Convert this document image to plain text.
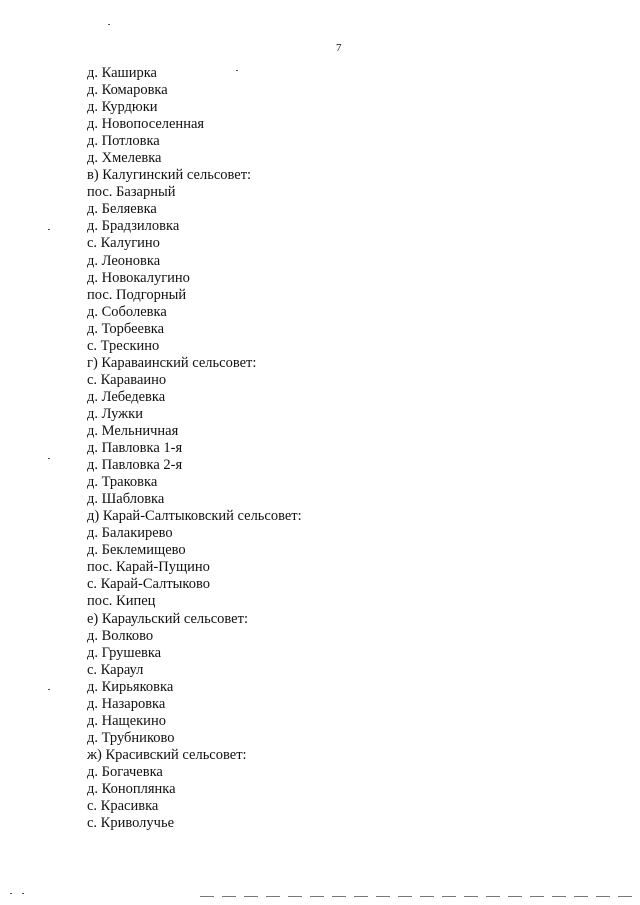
7
д. Каширка
д. Комаровка
д. Курдюки
д. Новопоселенная
д. Потловка
д. Хмелевка
в) Калугинский сельсовет:
пос. Базарный
д. Беляевка
д. Брадзиловка
с. Калугино
д. Леоновка
д. Новокалугино
пос. Подгорный
д. Соболевка
д. Торбеевка
с. Трескино
г) Караваинский сельсовет:
с. Караваино
д. Лебедевка
д. Лужки
д. Мельничная
д. Павловка 1-я
д. Павловка 2-я
д. Траковка
д. Шабловка
д) Карай-Салтыковский сельсовет:
д. Балакирево
д. Беклемищево
пос. Карай-Пущино
с. Карай-Салтыково
пос. Кипец
е) Караульский сельсовет:
д. Волково
д. Грушевка
с. Караул
д. Кирьяковка
д. Назаровка
д. Нащекино
д. Трубниково
ж) Красивский сельсовет:
д. Богачевка
д. Коноплянка
с. Красивка
с. Криволучье
